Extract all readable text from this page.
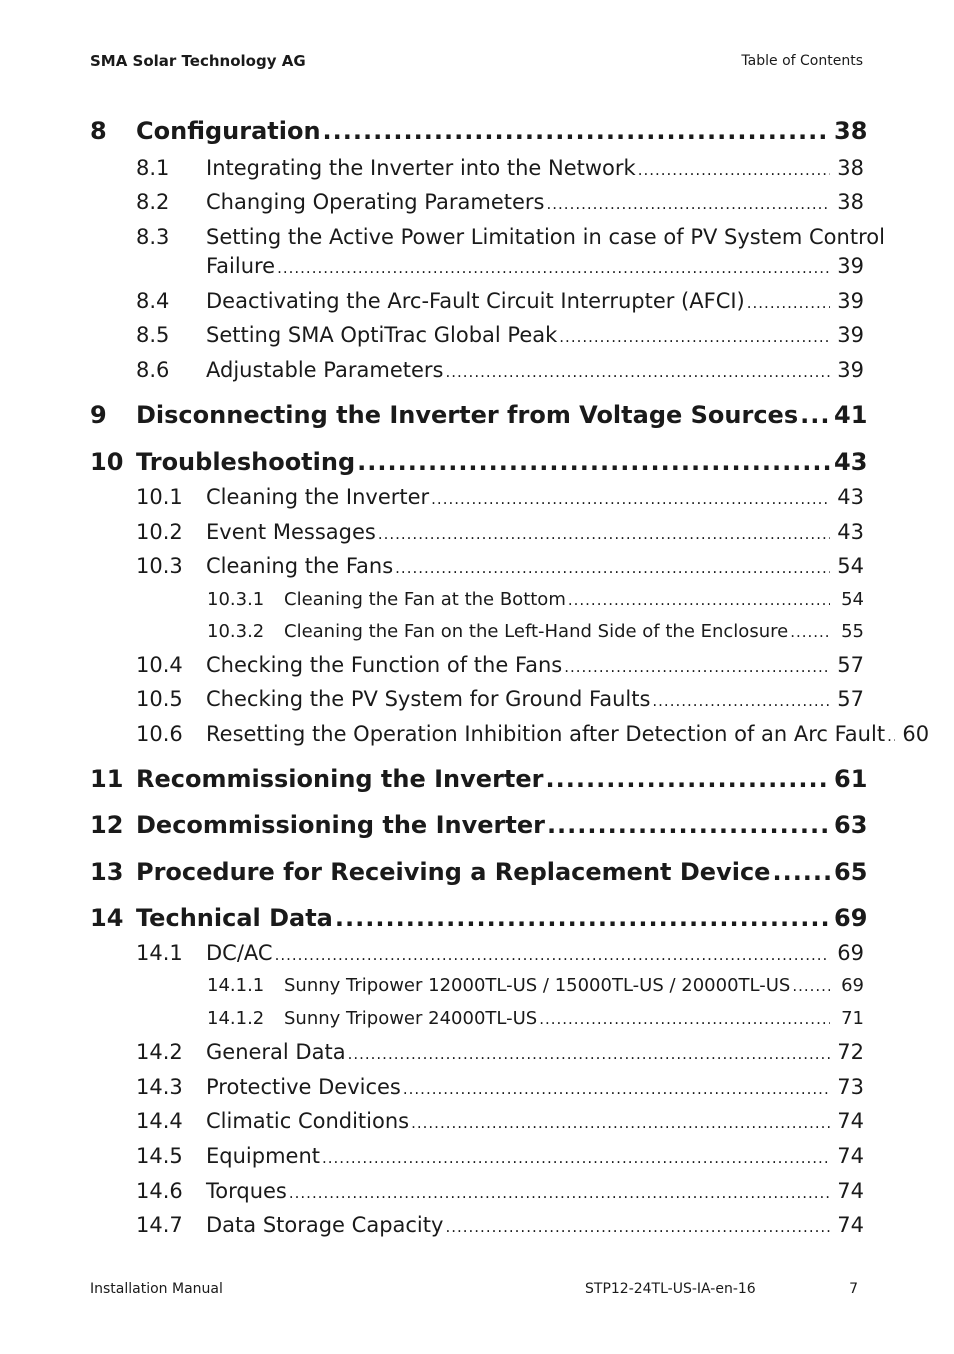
SMA Solar Technology AG	Table of Contents
8	Configuration .....	38
8.1	Integrating the Inverter into the Network .....	38
8.2	Changing Operating Parameters .....	38
8.3	Setting the Active Power Limitation in case of PV System Control
Failure .....	39
8.4	Deactivating the Arc-Fault Circuit Interrupter (AFCI) .....	39
8.5	Setting SMA OptiTrac Global Peak .....	39
8.6	Adjustable Parameters .....	39
9	Disconnecting the Inverter from Voltage Sources ..... 41
10 Troubleshooting .....	43
10.1	Cleaning the Inverter .....	43
10.2	Event Messages .....	43
10.3	Cleaning the Fans .....	54
10.3.1	Cleaning the Fan at the Bottom .....	54
10.3.2	Cleaning the Fan on the Left-Hand Side of the Enclosure .....	55
10.4	Checking the Function of the Fans .....	57
10.5	Checking the PV System for Ground Faults .....	57
10.6	Resetting the Operation Inhibition after Detection of an Arc Fault ..... 60
11 Recommissioning the Inverter .....	61
12 Decommissioning the Inverter .....	63
13 Procedure for Receiving a Replacement Device .....	65
14 Technical Data .....	69
14.1	DC/AC .....	69
14.1.1	Sunny Tripower 12000TL-US / 15000TL-US / 20000TL-US .....	69
14.1.2	Sunny Tripower 24000TL-US .....	71
14.2	General Data .....	72
14.3	Protective Devices .....	73
14.4	Climatic Conditions .....	74
14.5	Equipment .....	74
14.6	Torques .....	74
14.7	Data Storage Capacity .....	74
Installation Manual	STP12-24TL-US-IA-en-16	7
